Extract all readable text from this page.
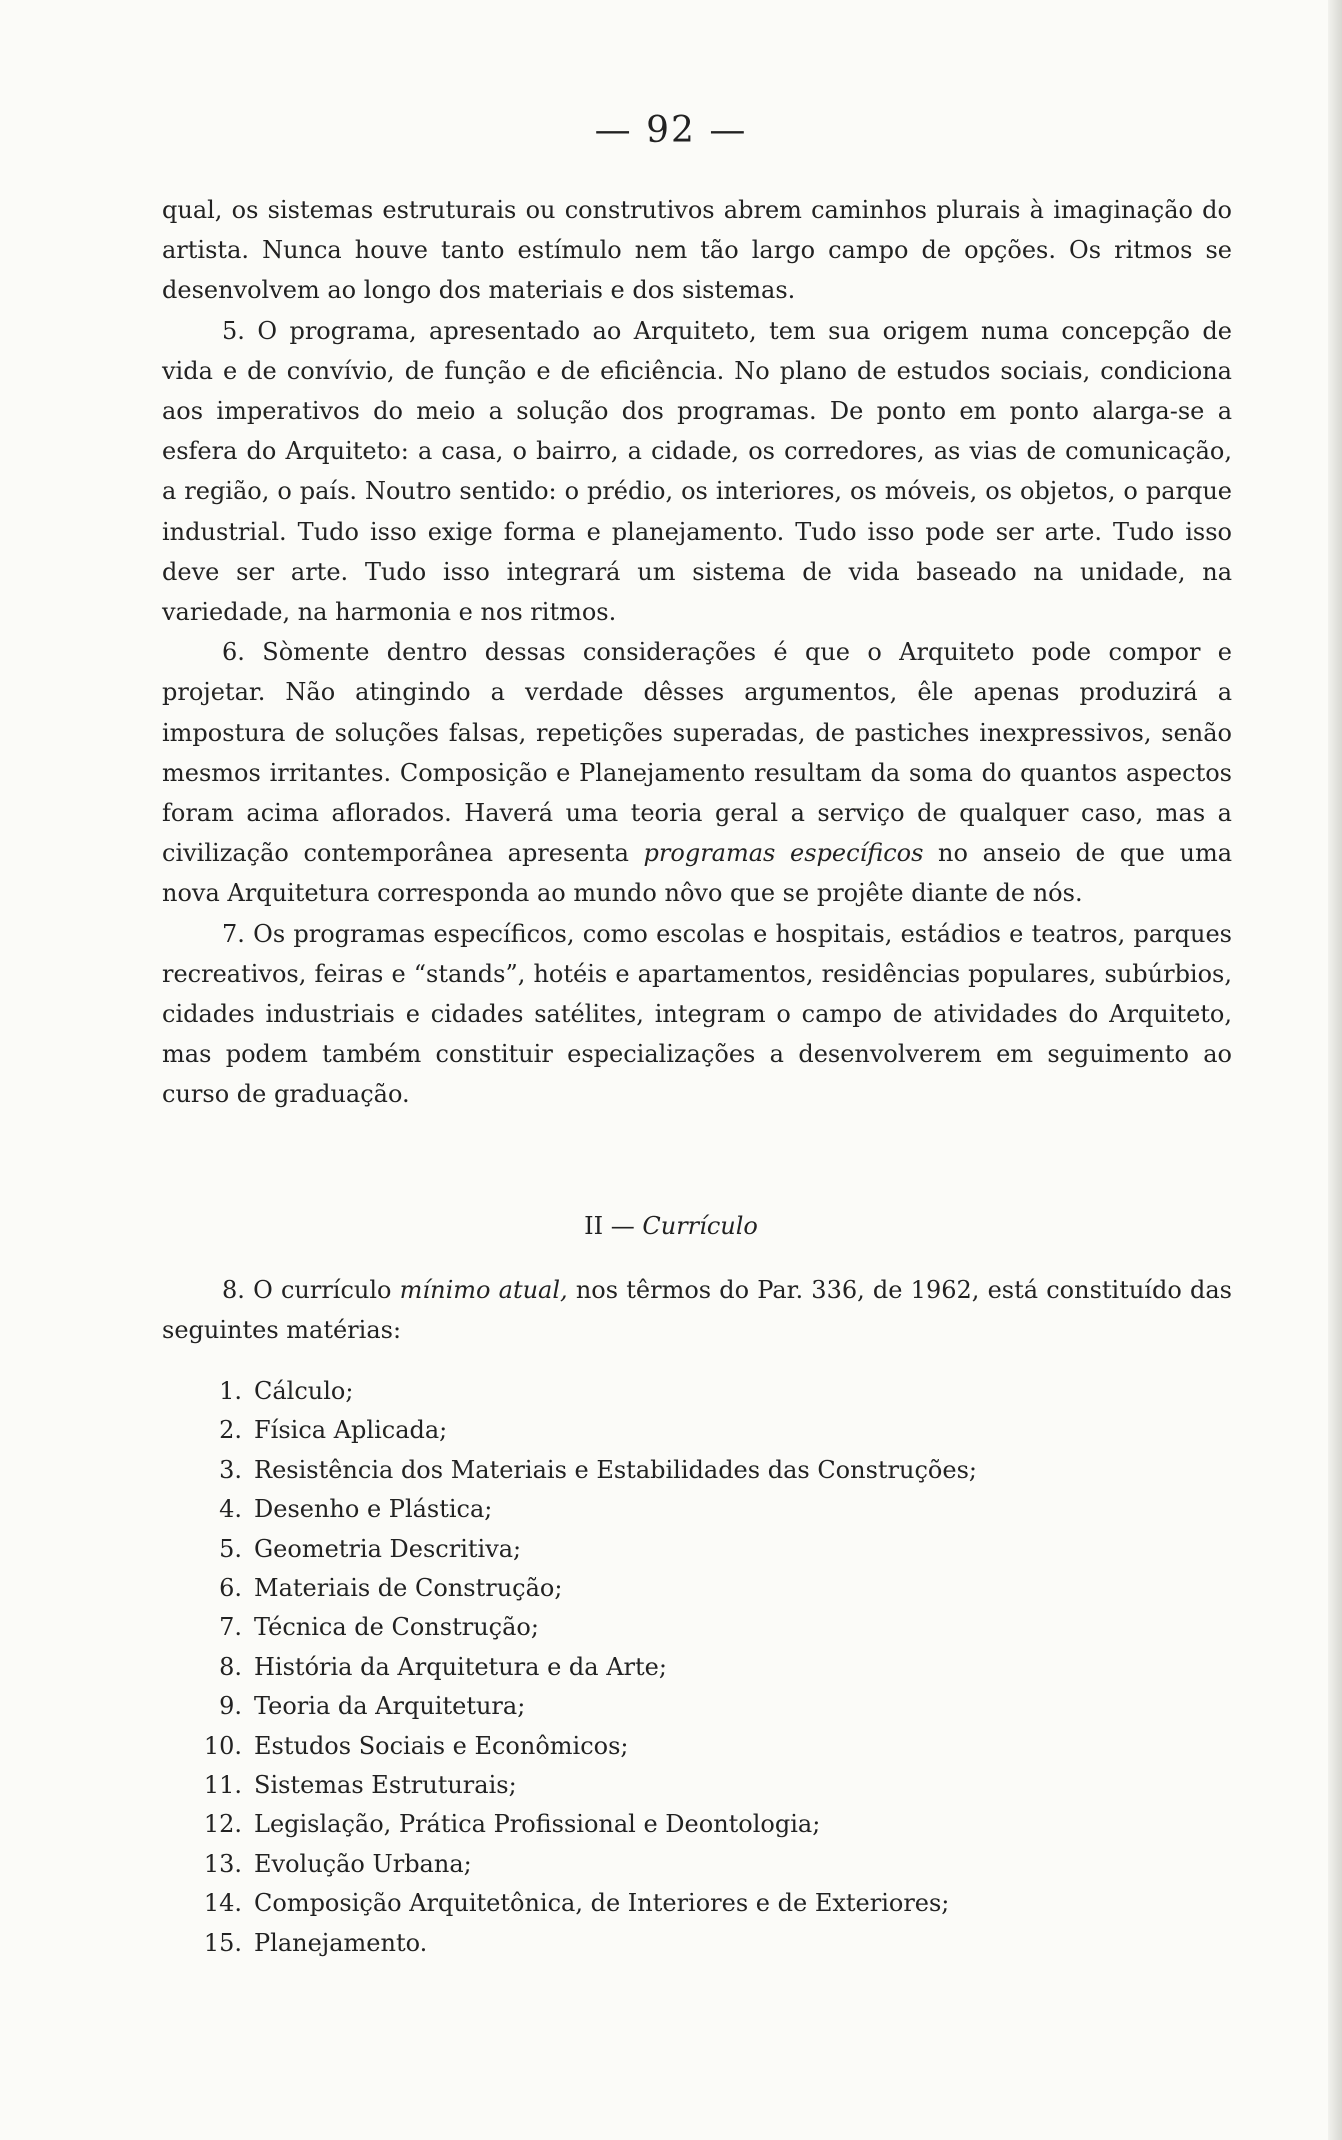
— 92 —

qual, os sistemas estruturais ou construtivos abrem caminhos plurais à imaginação do artista. Nunca houve tanto estímulo nem tão largo campo de opções. Os ritmos se desenvolvem ao longo dos materiais e dos sistemas.

5. O programa, apresentado ao Arquiteto, tem sua origem numa concepção de vida e de convívio, de função e de eficiência. No plano de estudos sociais, condiciona aos imperativos do meio a solução dos programas. De ponto em ponto alarga-se a esfera do Arquiteto: a casa, o bairro, a cidade, os corredores, as vias de comunicação, a região, o país. Noutro sentido: o prédio, os interiores, os móveis, os objetos, o parque industrial. Tudo isso exige forma e planejamento. Tudo isso pode ser arte. Tudo isso deve ser arte. Tudo isso integrará um sistema de vida baseado na unidade, na variedade, na harmonia e nos ritmos.

6. Sòmente dentro dessas considerações é que o Arquiteto pode compor e projetar. Não atingindo a verdade dêsses argumentos, êle apenas produzirá a impostura de soluções falsas, repetições superadas, de pastiches inexpressivos, senão mesmos irritantes. Composição e Planejamento resultam da soma do quantos aspectos foram acima aflorados. Haverá uma teoria geral a serviço de qualquer caso, mas a civilização contemporânea apresenta programas específicos no anseio de que uma nova Arquitetura corresponda ao mundo nôvo que se projête diante de nós.

7. Os programas específicos, como escolas e hospitais, estádios e teatros, parques recreativos, feiras e “stands”, hotéis e apartamentos, residências populares, subúrbios, cidades industriais e cidades satélites, integram o campo de atividades do Arquiteto, mas podem também constituir especializações a desenvolverem em seguimento ao curso de graduação.

II — Currículo

8. O currículo mínimo atual, nos têrmos do Par. 336, de 1962, está constituído das seguintes matérias:

1. Cálculo;
2. Física Aplicada;
3. Resistência dos Materiais e Estabilidades das Construções;
4. Desenho e Plástica;
5. Geometria Descritiva;
6. Materiais de Construção;
7. Técnica de Construção;
8. História da Arquitetura e da Arte;
9. Teoria da Arquitetura;
10. Estudos Sociais e Econômicos;
11. Sistemas Estruturais;
12. Legislação, Prática Profissional e Deontologia;
13. Evolução Urbana;
14. Composição Arquitetônica, de Interiores e de Exteriores;
15. Planejamento.
